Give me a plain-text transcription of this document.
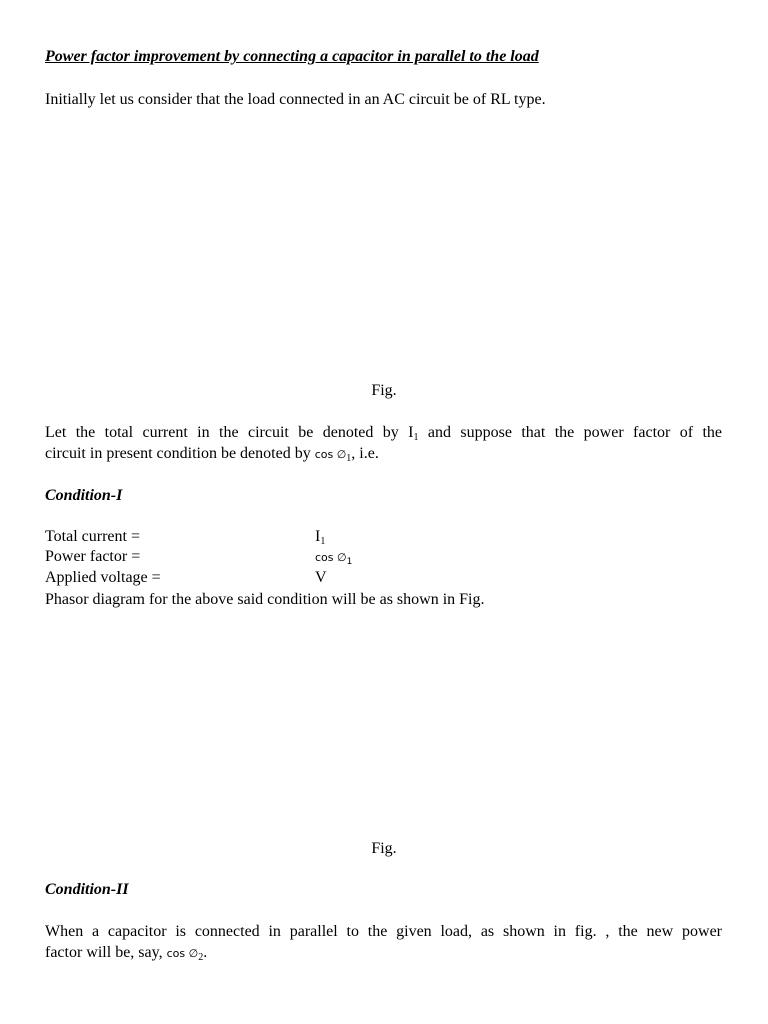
Power factor improvement by connecting a capacitor in parallel to the load
Initially let us consider that the load connected in an AC circuit be of RL type.
Fig.
Let the total current in the circuit be denoted by $I_1$ and suppose that the power factor of the
circuit in present condition be denoted by $\cos \emptyset_1$, i.e.
Condition-I
Total current =	$I_1$
Power factor =	cos ∅1
Applied voltage =	V
Phasor diagram for the above said condition will be as shown in Fig.
Fig.
Condition-II
When a capacitor is connected in parallel to the given load, as shown in fig. , the new power
factor will be, say, $\cos \emptyset_2$.
